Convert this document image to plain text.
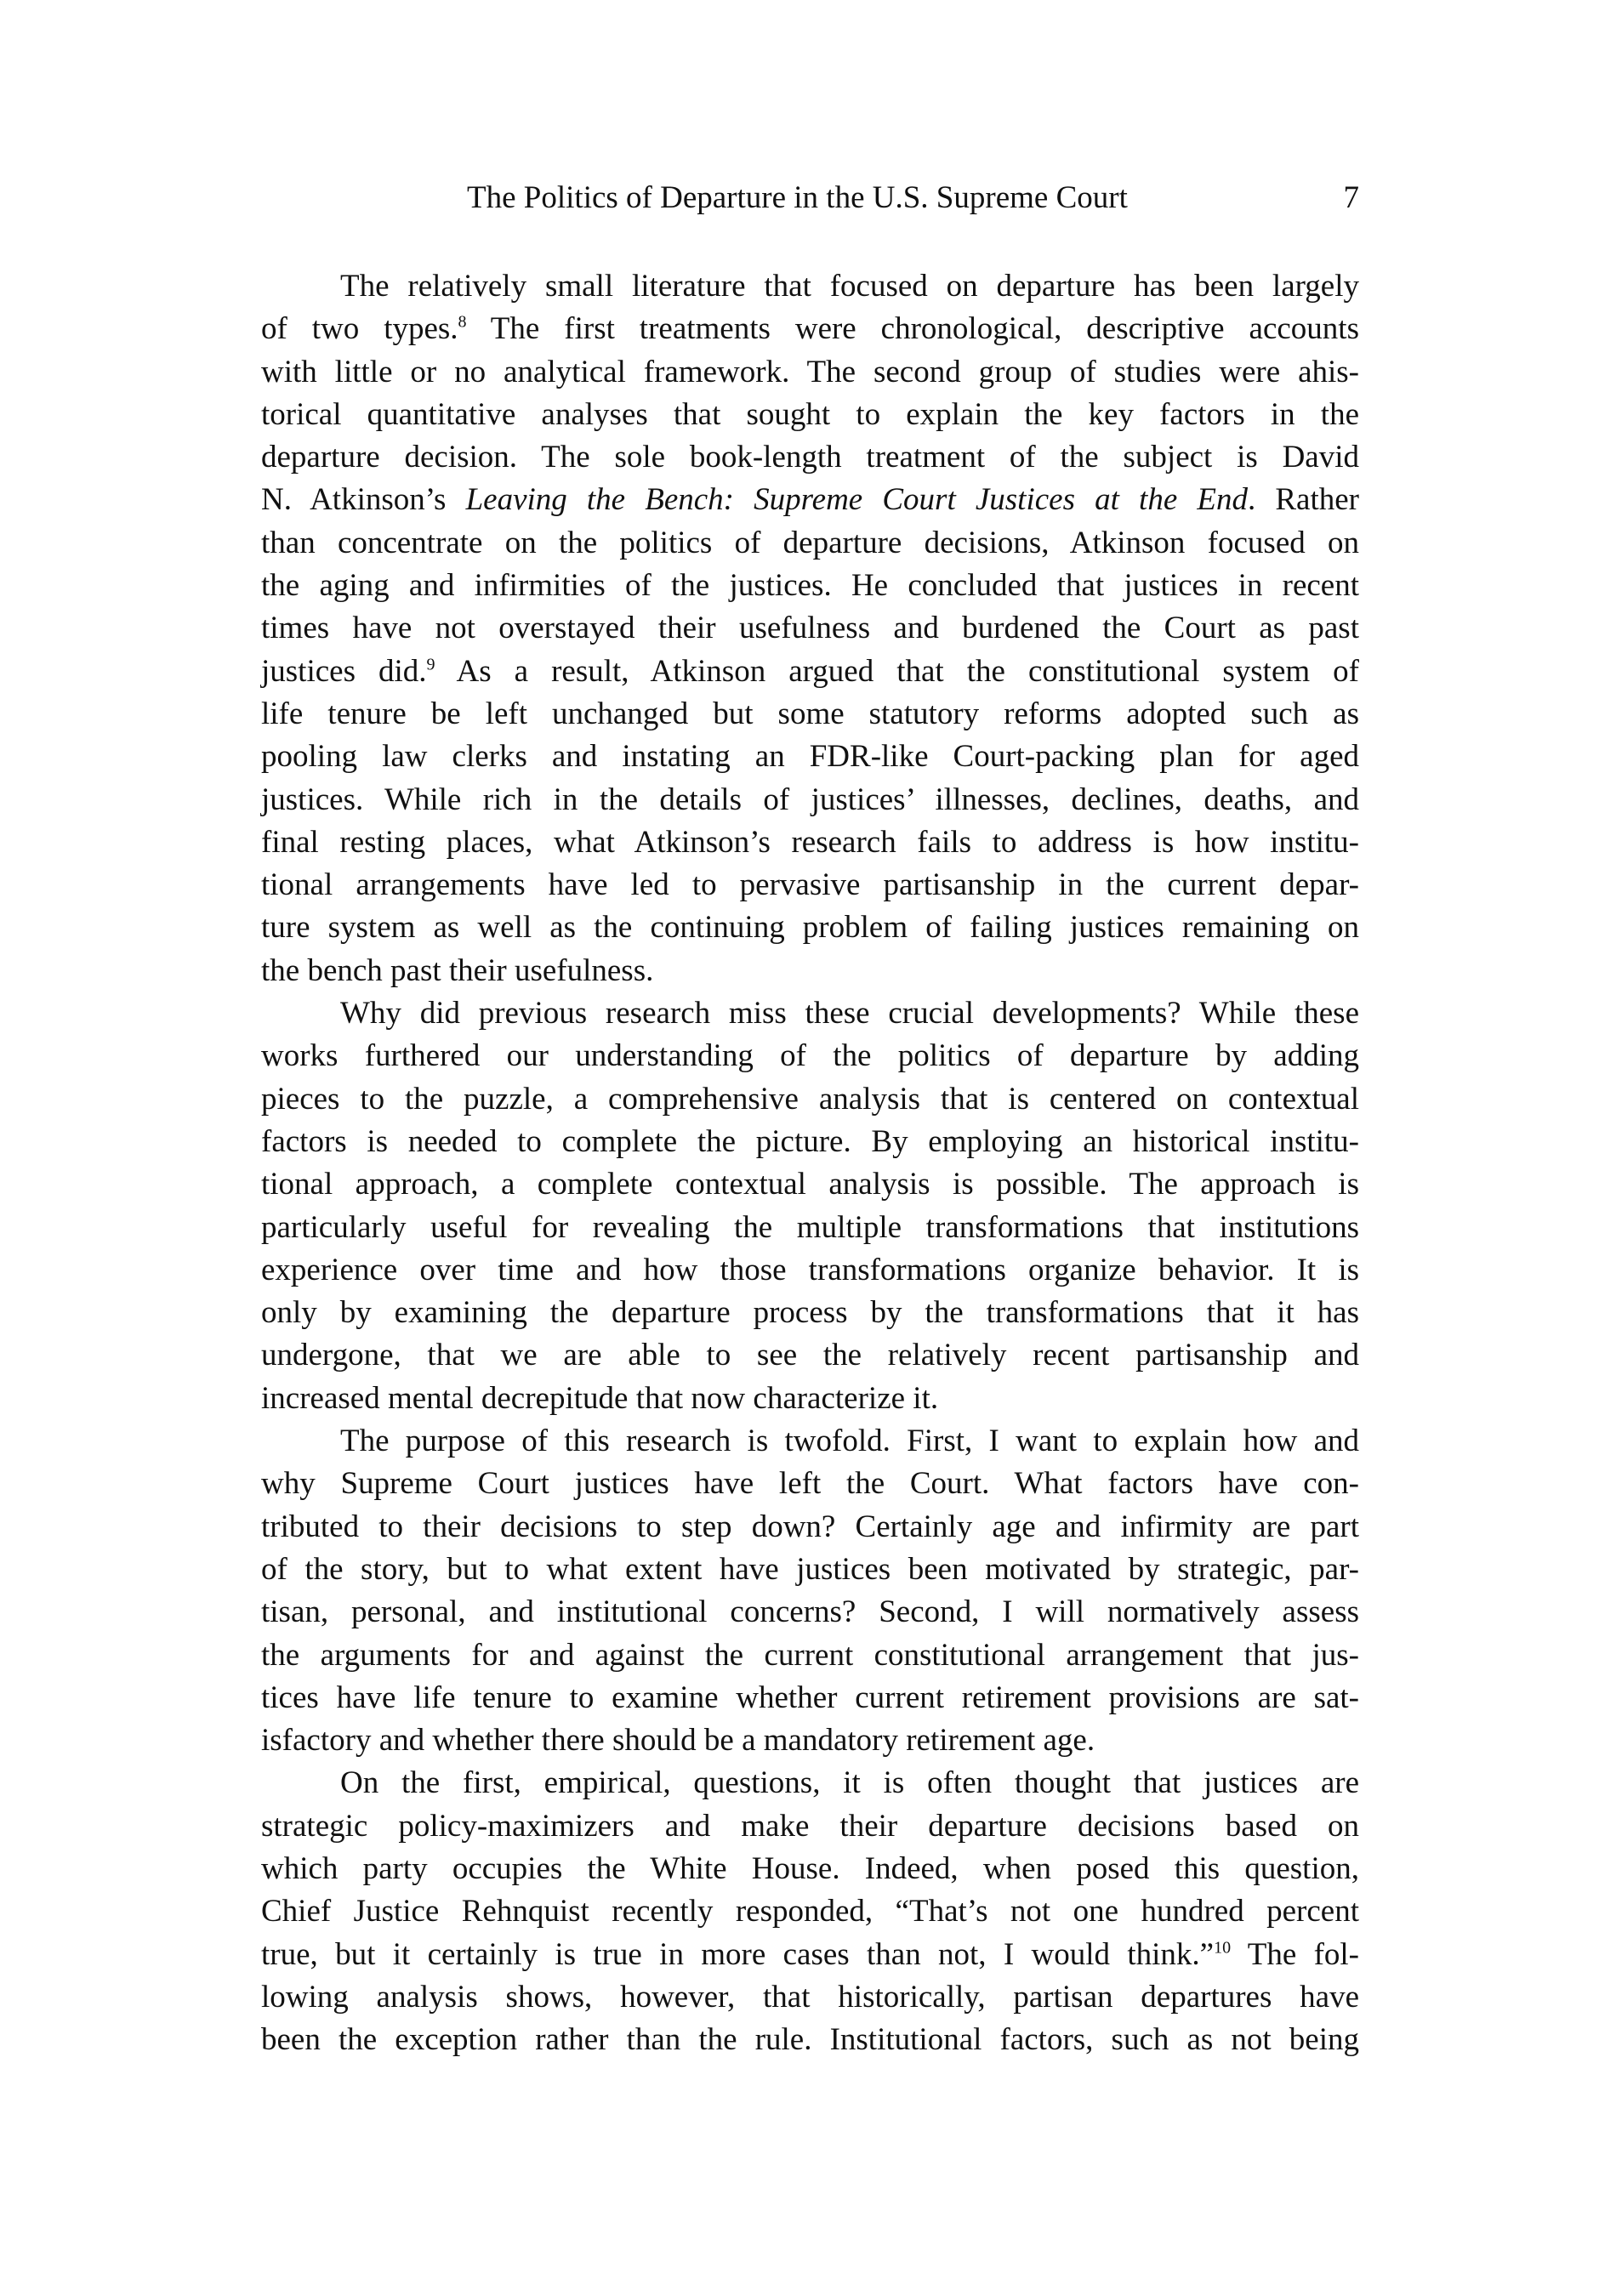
The Politics of Departure in the U.S. Supreme Court	7
The relatively small literature that focused on departure has been largely
of two types.$^8$ The first treatments were chronological, descriptive accounts
with little or no analytical framework. The second group of studies were ahis-
torical quantitative analyses that sought to explain the key factors in the
departure decision. The sole book-length treatment of the subject is David
N. Atkinson’s Leaving the Bench: Supreme Court Justices at the End. Rather
than concentrate on the politics of departure decisions, Atkinson focused on
the aging and infirmities of the justices. He concluded that justices in recent
times have not overstayed their usefulness and burdened the Court as past
justices did.$^9$ As a result, Atkinson argued that the constitutional system of
life tenure be left unchanged but some statutory reforms adopted such as
pooling law clerks and instating an FDR-like Court-packing plan for aged
justices. While rich in the details of justices’ illnesses, declines, deaths, and
final resting places, what Atkinson’s research fails to address is how institu-
tional arrangements have led to pervasive partisanship in the current depar-
ture system as well as the continuing problem of failing justices remaining on
the bench past their usefulness.
Why did previous research miss these crucial developments? While these
works furthered our understanding of the politics of departure by adding
pieces to the puzzle, a comprehensive analysis that is centered on contextual
factors is needed to complete the picture. By employing an historical institu-
tional approach, a complete contextual analysis is possible. The approach is
particularly useful for revealing the multiple transformations that institutions
experience over time and how those transformations organize behavior. It is
only by examining the departure process by the transformations that it has
undergone, that we are able to see the relatively recent partisanship and
increased mental decrepitude that now characterize it.
The purpose of this research is twofold. First, I want to explain how and
why Supreme Court justices have left the Court. What factors have con-
tributed to their decisions to step down? Certainly age and infirmity are part
of the story, but to what extent have justices been motivated by strategic, par-
tisan, personal, and institutional concerns? Second, I will normatively assess
the arguments for and against the current constitutional arrangement that jus-
tices have life tenure to examine whether current retirement provisions are sat-
isfactory and whether there should be a mandatory retirement age.
On the first, empirical, questions, it is often thought that justices are
strategic policy-maximizers and make their departure decisions based on
which party occupies the White House. Indeed, when posed this question,
Chief Justice Rehnquist recently responded, “That’s not one hundred percent
true, but it certainly is true in more cases than not, I would think.”$^{10}$ The fol-
lowing analysis shows, however, that historically, partisan departures have
been the exception rather than the rule. Institutional factors, such as not being
